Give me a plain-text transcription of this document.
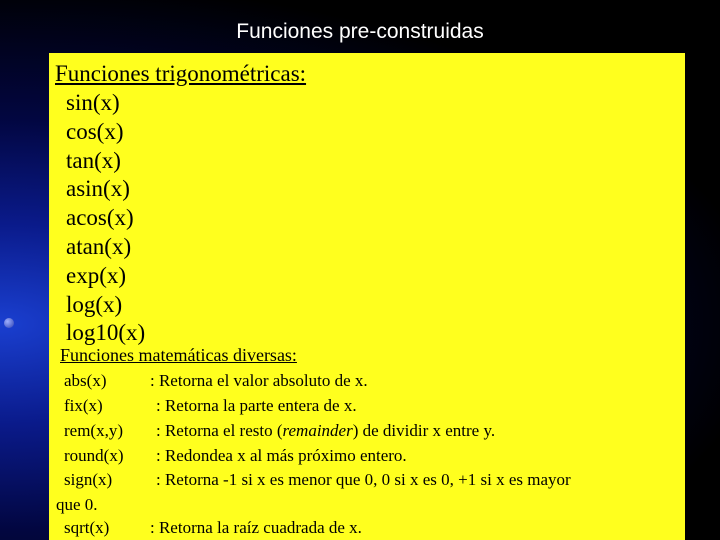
Funciones pre-construidas
Funciones trigonométricas:
sin(x)
cos(x)
tan(x)
asin(x)
acos(x)
atan(x)
exp(x)
log(x)
log10(x)
Funciones matemáticas diversas:
abs(x)	: Retorna el valor absoluto de x.
fix(x)	: Retorna la parte entera de x.
rem(x,y) : Retorna el resto (remainder) de dividir x entre y.
round(x) : Redondea x al más próximo entero.
sign(x)	: Retorna -1 si x es menor que 0, 0 si x es 0, +1 si x es mayor
que 0.
sqrt(x) : Retorna la raíz cuadrada de x.
